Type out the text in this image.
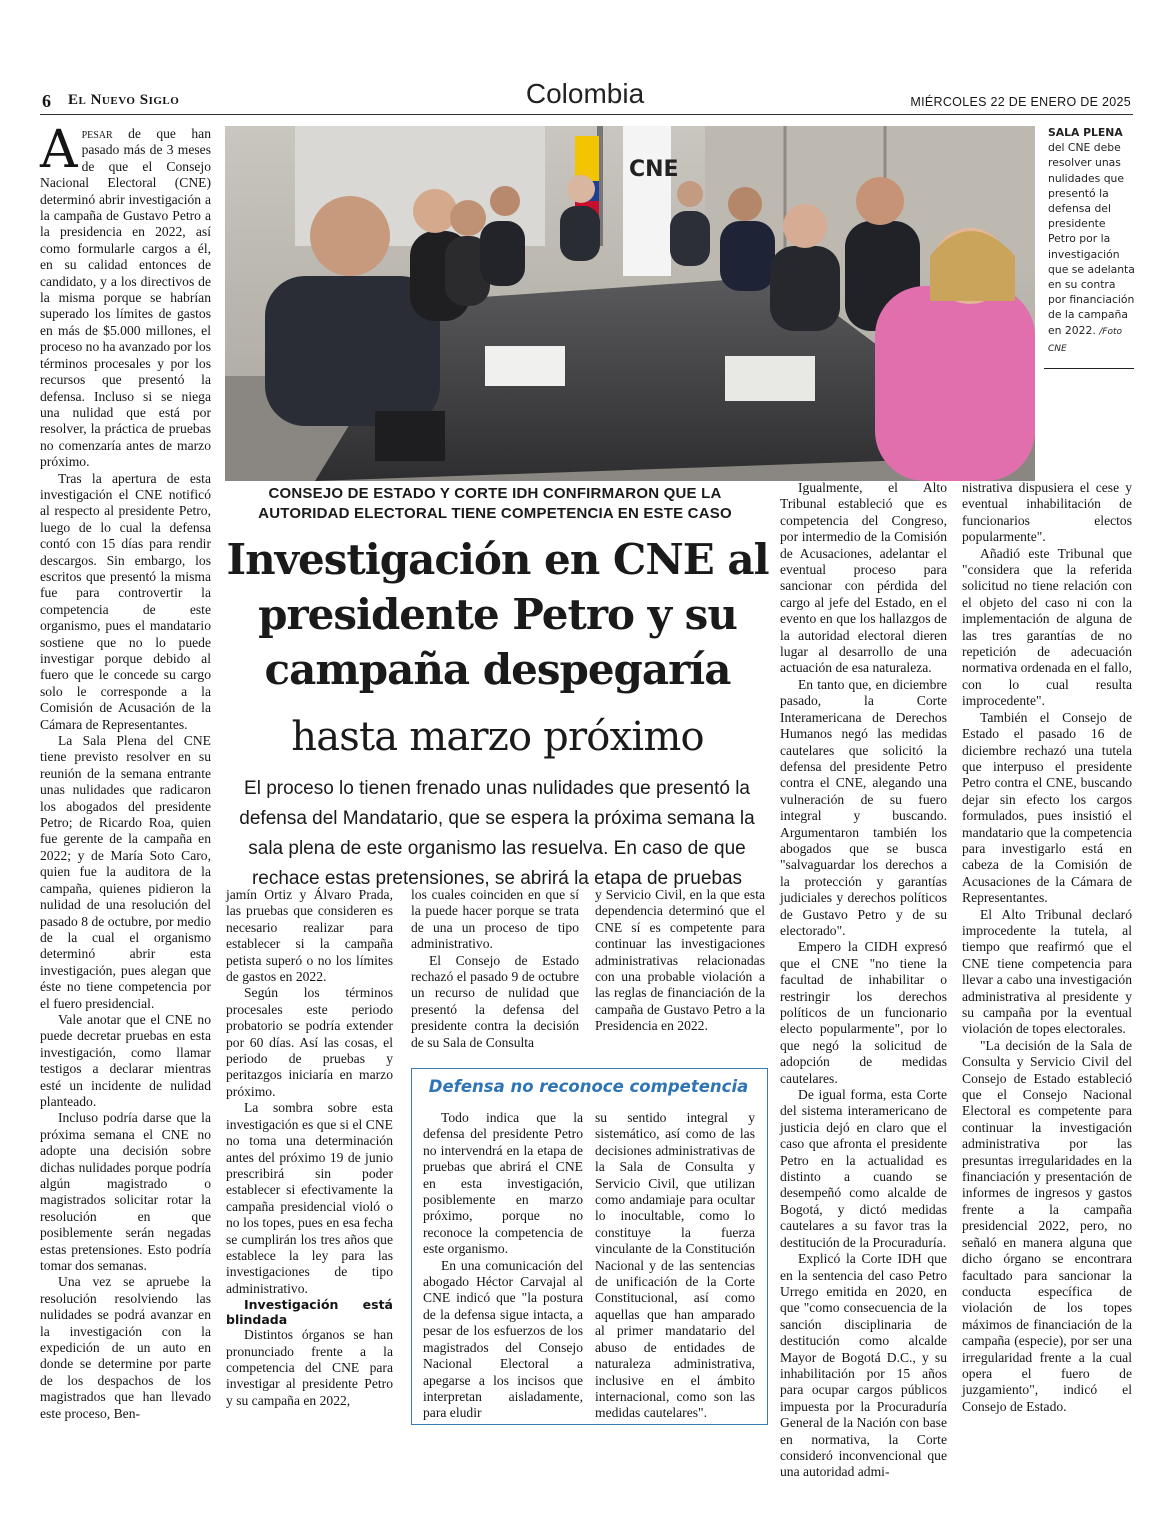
6 El Nuevo Siglo	Colombia	MIÉRCOLES 22 DE ENERO DE 2025
CNE
SALA PLENA
del CNE debe resolver unas nulidades que presentó la defensa del presidente Petro por la investigación que se adelanta en su contra por financiación de la campaña en 2022. /Foto CNE

Apesar de que han pasado más de 3 meses de que el Consejo Nacional Electoral (CNE) determinó abrir investigación a la campaña de Gustavo Petro a la presidencia en 2022, así como formularle cargos a él, en su calidad entonces de candidato, y a los directivos de la misma porque se habrían superado los límites de gastos en más de $5.000 millones, el proceso no ha avanzado por los términos procesales y por los recursos que presentó la defensa. Incluso si se niega una nulidad que está por resolver, la práctica de pruebas no comenzaría antes de marzo próximo.

Tras la apertura de esta investigación el CNE notificó al respecto al presidente Petro, luego de lo cual la defensa contó con 15 días para rendir descargos. Sin embargo, los escritos que presentó la misma fue para controvertir la competencia de este organismo, pues el mandatario sostiene que no lo puede investigar porque debido al fuero que le concede su cargo solo le corresponde a la Comisión de Acusación de la Cámara de Representantes.

La Sala Plena del CNE tiene previsto resolver en su reunión de la semana entrante unas nulidades que radicaron los abogados del presidente Petro; de Ricardo Roa, quien fue gerente de la campaña en 2022; y de María Soto Caro, quien fue la auditora de la campaña, quienes pidieron la nulidad de una resolución del pasado 8 de octubre, por medio de la cual el organismo determinó abrir esta investigación, pues alegan que éste no tiene competencia por el fuero presidencial.

Vale anotar que el CNE no puede decretar pruebas en esta investigación, como llamar testigos a declarar mientras esté un incidente de nulidad planteado.

Incluso podría darse que la próxima semana el CNE no adopte una decisión sobre dichas nulidades porque podría algún magistrado o magistrados solicitar rotar la resolución en que posiblemente serán negadas estas pretensiones. Esto podría tomar dos semanas.

Una vez se apruebe la resolución resolviendo las nulidades se podrá avanzar en la investigación con la expedición de un auto en donde se determine por parte de los despachos de los magistrados que han llevado este proceso, Ben-

CONSEJO DE ESTADO Y CORTE IDH CONFIRMARON QUE LA AUTORIDAD ELECTORAL TIENE COMPETENCIA EN ESTE CASO
Investigación en CNE al presidente Petro y su campaña despegaría
hasta marzo próximo
El proceso lo tienen frenado unas nulidades que presentó la defensa del Mandatario, que se espera la próxima semana la sala plena de este organismo las resuelva. En caso de que rechace estas pretensiones, se abrirá la etapa de pruebas

jamín Ortiz y Álvaro Prada, las pruebas que consideren es necesario realizar para establecer si la campaña petista superó o no los límites de gastos en 2022.

Según los términos procesales este periodo probatorio se podría extender por 60 días. Así las cosas, el periodo de pruebas y peritazgos iniciaría en marzo próximo.

La sombra sobre esta investigación es que si el CNE no toma una determinación antes del próximo 19 de junio prescribirá sin poder establecer si efectivamente la campaña presidencial violó o no los topes, pues en esa fecha se cumplirán los tres años que establece la ley para las investigaciones de tipo administrativo.

Investigación está blindada

Distintos órganos se han pronunciado frente a la competencia del CNE para investigar al presidente Petro y su campaña en 2022,

los cuales coinciden en que sí la puede hacer porque se trata de una un proceso de tipo administrativo.

El Consejo de Estado rechazó el pasado 9 de octubre un recurso de nulidad que presentó la defensa del presidente contra la decisión de su Sala de Consulta

y Servicio Civil, en la que esta dependencia determinó que el CNE sí es competente para continuar las investigaciones administrativas relacionadas con una probable violación a las reglas de financiación de la campaña de Gustavo Petro a la Presidencia en 2022.

Igualmente, el Alto Tribunal estableció que es competencia del Congreso, por intermedio de la Comisión de Acusaciones, adelantar el eventual proceso para sancionar con pérdida del cargo al jefe del Estado, en el evento en que los hallazgos de la autoridad electoral dieren lugar al desarrollo de una actuación de esa naturaleza.

En tanto que, en diciembre pasado, la Corte Interamericana de Derechos Humanos negó las medidas cautelares que solicitó la defensa del presidente Petro contra el CNE, alegando una vulneración de su fuero integral y buscando. Argumentaron también los abogados que se busca "salvaguardar los derechos a la protección y garantías judiciales y derechos políticos de Gustavo Petro y de su electorado".

Empero la CIDH expresó que el CNE "no tiene la facultad de inhabilitar o restringir los derechos políticos de un funcionario electo popularmente", por lo que negó la solicitud de adopción de medidas cautelares.

De igual forma, esta Corte del sistema interamericano de justicia dejó en claro que el caso que afronta el presidente Petro en la actualidad es distinto a cuando se desempeñó como alcalde de Bogotá, y dictó medidas cautelares a su favor tras la destitución de la Procuraduría.

Explicó la Corte IDH que en la sentencia del caso Petro Urrego emitida en 2020, en que "como consecuencia de la sanción disciplinaria de destitución como alcalde Mayor de Bogotá D.C., y su inhabilitación por 15 años para ocupar cargos públicos impuesta por la Procuraduría General de la Nación con base en normativa, la Corte consideró inconvencional que una autoridad admi-

nistrativa dispusiera el cese y eventual inhabilitación de funcionarios electos popularmente".

Añadió este Tribunal que "considera que la referida solicitud no tiene relación con el objeto del caso ni con la implementación de alguna de las tres garantías de no repetición de adecuación normativa ordenada en el fallo, con lo cual resulta improcedente".

También el Consejo de Estado el pasado 16 de diciembre rechazó una tutela que interpuso el presidente Petro contra el CNE, buscando dejar sin efecto los cargos formulados, pues insistió el mandatario que la competencia para investigarlo está en cabeza de la Comisión de Acusaciones de la Cámara de Representantes.

El Alto Tribunal declaró improcedente la tutela, al tiempo que reafirmó que el CNE tiene competencia para llevar a cabo una investigación administrativa al presidente y su campaña por la eventual violación de topes electorales.

"La decisión de la Sala de Consulta y Servicio Civil del Consejo de Estado estableció que el Consejo Nacional Electoral es competente para continuar la investigación administrativa por las presuntas irregularidades en la financiación y presentación de informes de ingresos y gastos frente a la campaña presidencial 2022, pero, no señaló en manera alguna que dicho órgano se encontrara facultado para sancionar la conducta específica de violación de los topes máximos de financiación de la campaña (especie), por ser una irregularidad frente a la cual opera el fuero de juzgamiento", indicó el Consejo de Estado.

Defensa no reconoce competencia

Todo indica que la defensa del presidente Petro no intervendrá en la etapa de pruebas que abrirá el CNE en esta investigación, posiblemente en marzo próximo, porque no reconoce la competencia de este organismo.

En una comunicación del abogado Héctor Carvajal al CNE indicó que "la postura de la defensa sigue intacta, a pesar de los esfuerzos de los magistrados del Consejo Nacional Electoral a apegarse a los incisos que interpretan aisladamente, para eludir

su sentido integral y sistemático, así como de las decisiones administrativas de la Sala de Consulta y Servicio Civil, que utilizan como andamiaje para ocultar lo inocultable, como lo constituye la fuerza vinculante de la Constitución Nacional y de las sentencias de unificación de la Corte Constitucional, así como aquellas que han amparado al primer mandatario del abuso de entidades de naturaleza administrativa, inclusive en el ámbito internacional, como son las medidas cautelares".
